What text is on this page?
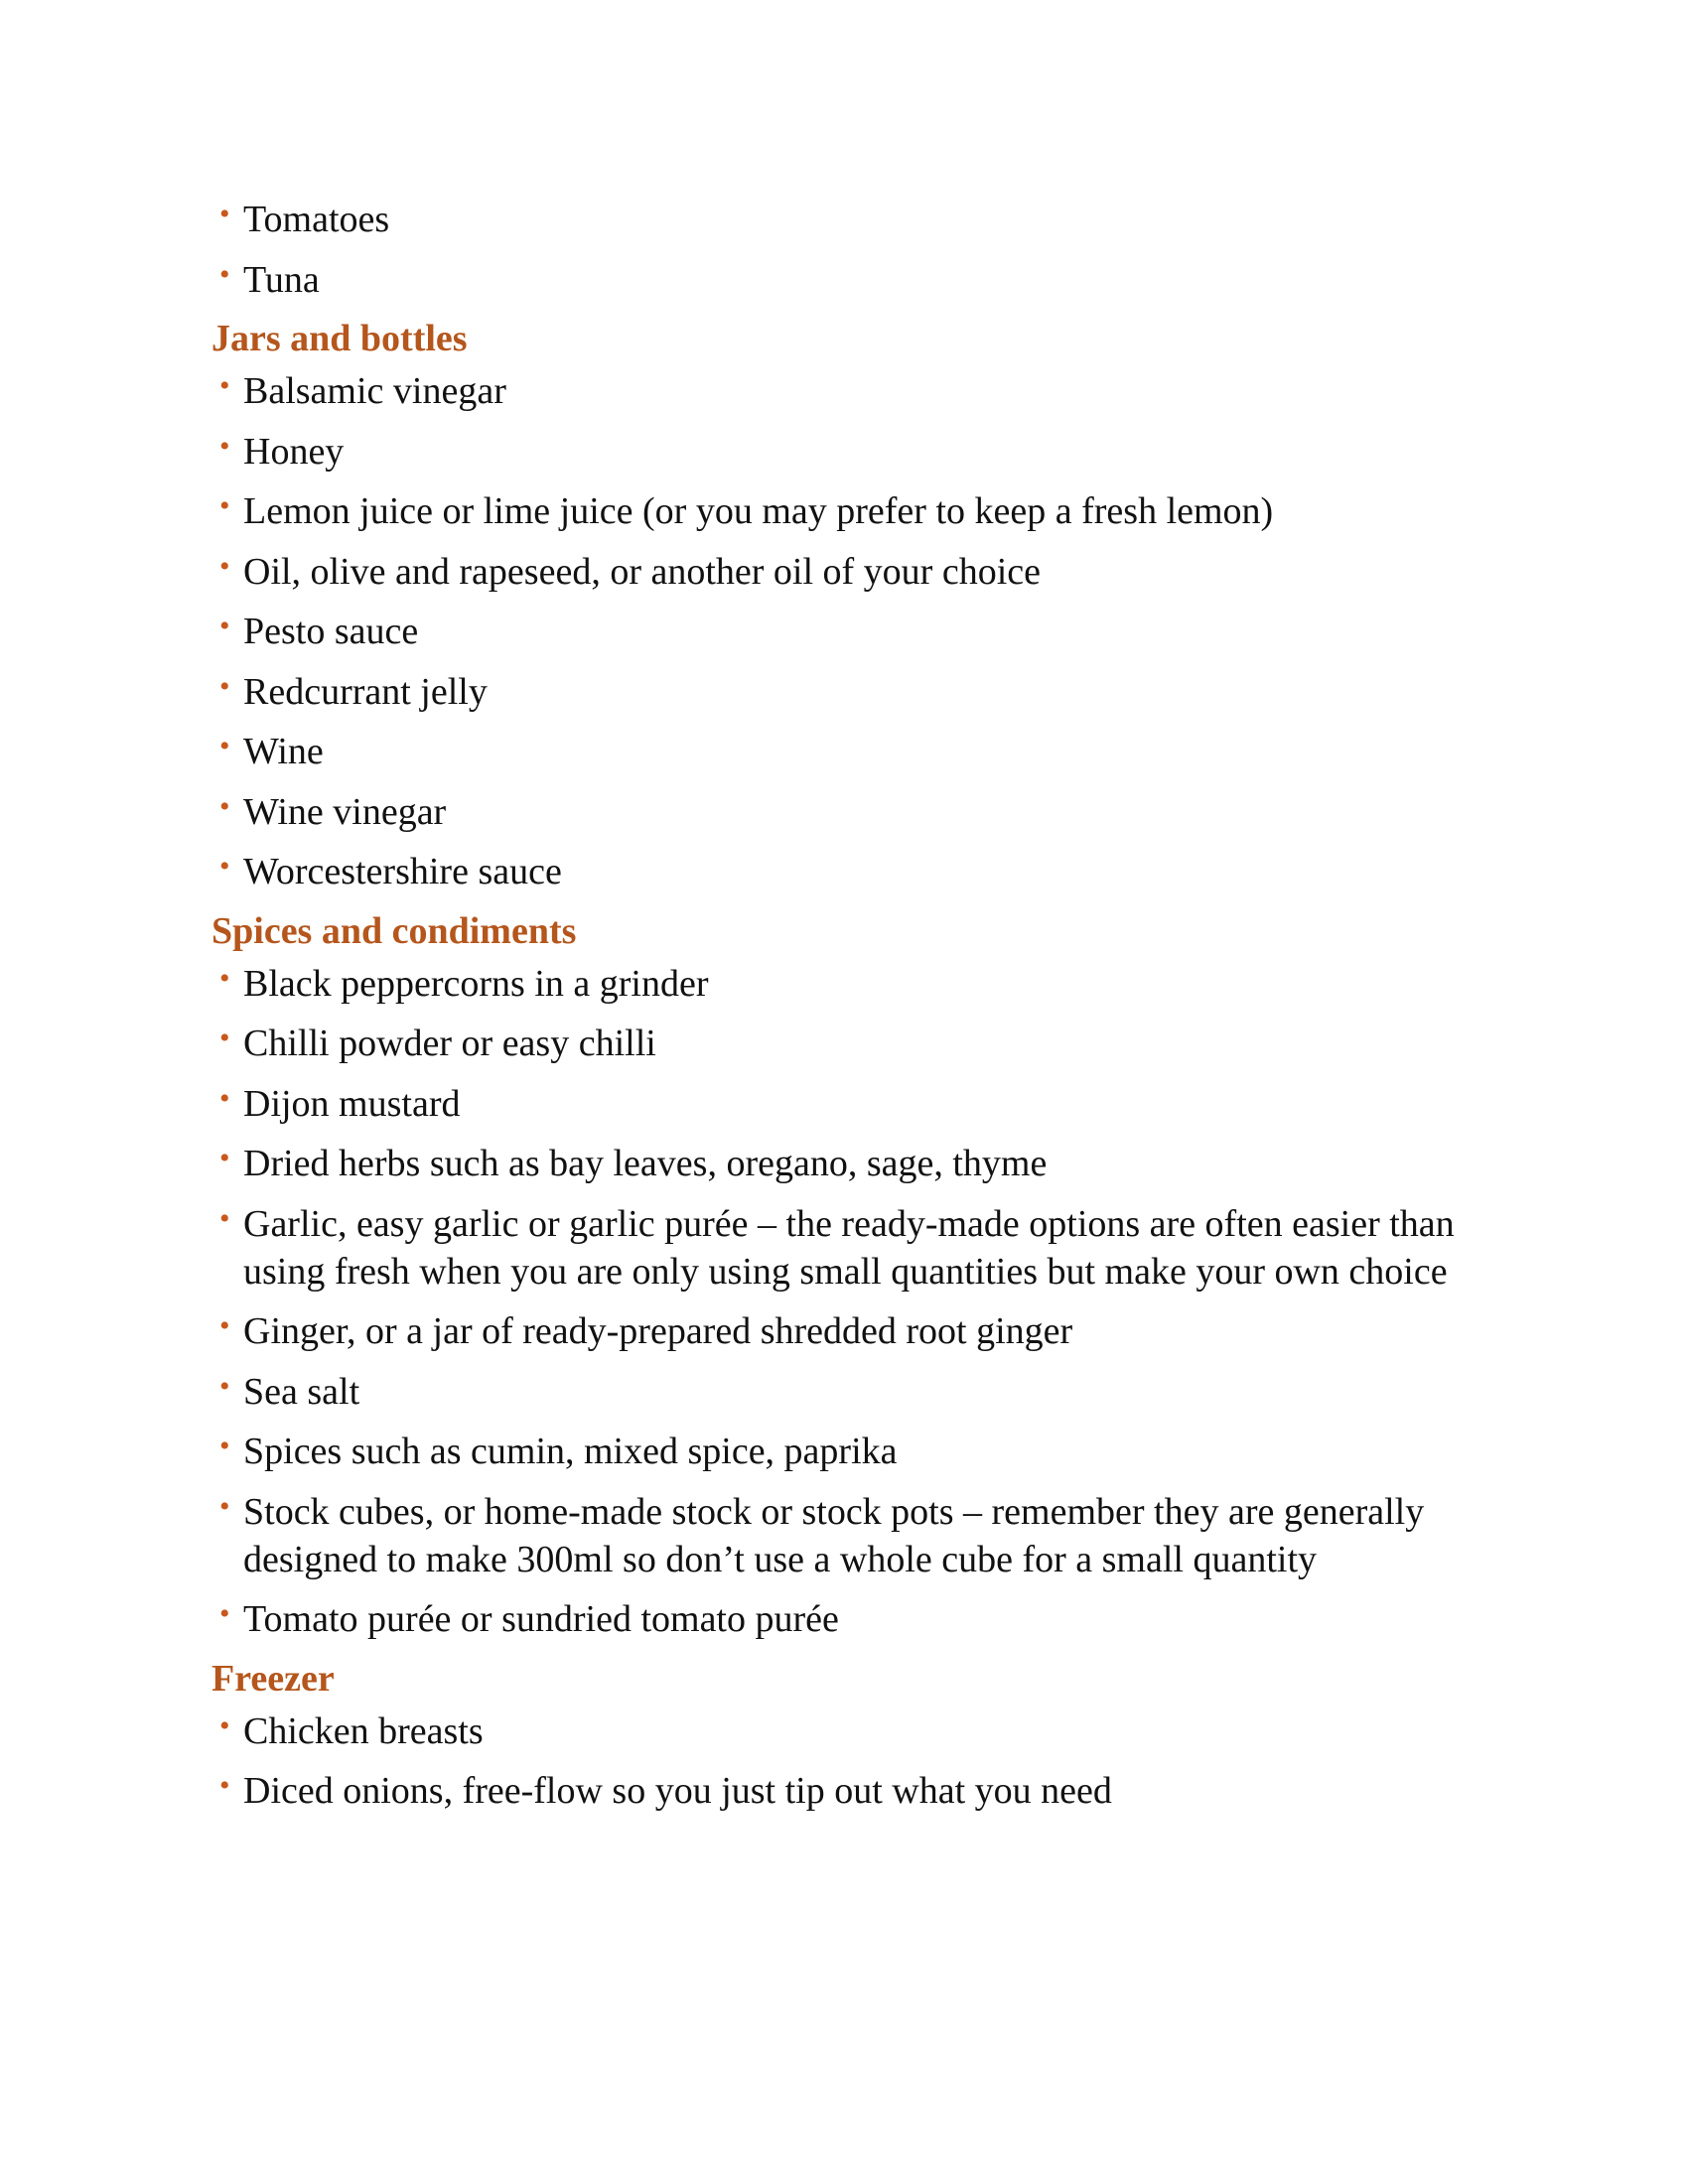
• Tomatoes
• Tuna
Jars and bottles
• Balsamic vinegar
• Honey
• Lemon juice or lime juice (or you may prefer to keep a fresh lemon)
• Oil, olive and rapeseed, or another oil of your choice
• Pesto sauce
• Redcurrant jelly
• Wine
• Wine vinegar
• Worcestershire sauce
Spices and condiments
• Black peppercorns in a grinder
• Chilli powder or easy chilli
• Dijon mustard
• Dried herbs such as bay leaves, oregano, sage, thyme
• Garlic, easy garlic or garlic purée – the ready-made options are often easier than using fresh when you are only using small quantities but make your own choice
• Ginger, or a jar of ready-prepared shredded root ginger
• Sea salt
• Spices such as cumin, mixed spice, paprika
• Stock cubes, or home-made stock or stock pots – remember they are generally designed to make 300ml so don’t use a whole cube for a small quantity
• Tomato purée or sundried tomato purée
Freezer
• Chicken breasts
• Diced onions, free-flow so you just tip out what you need
